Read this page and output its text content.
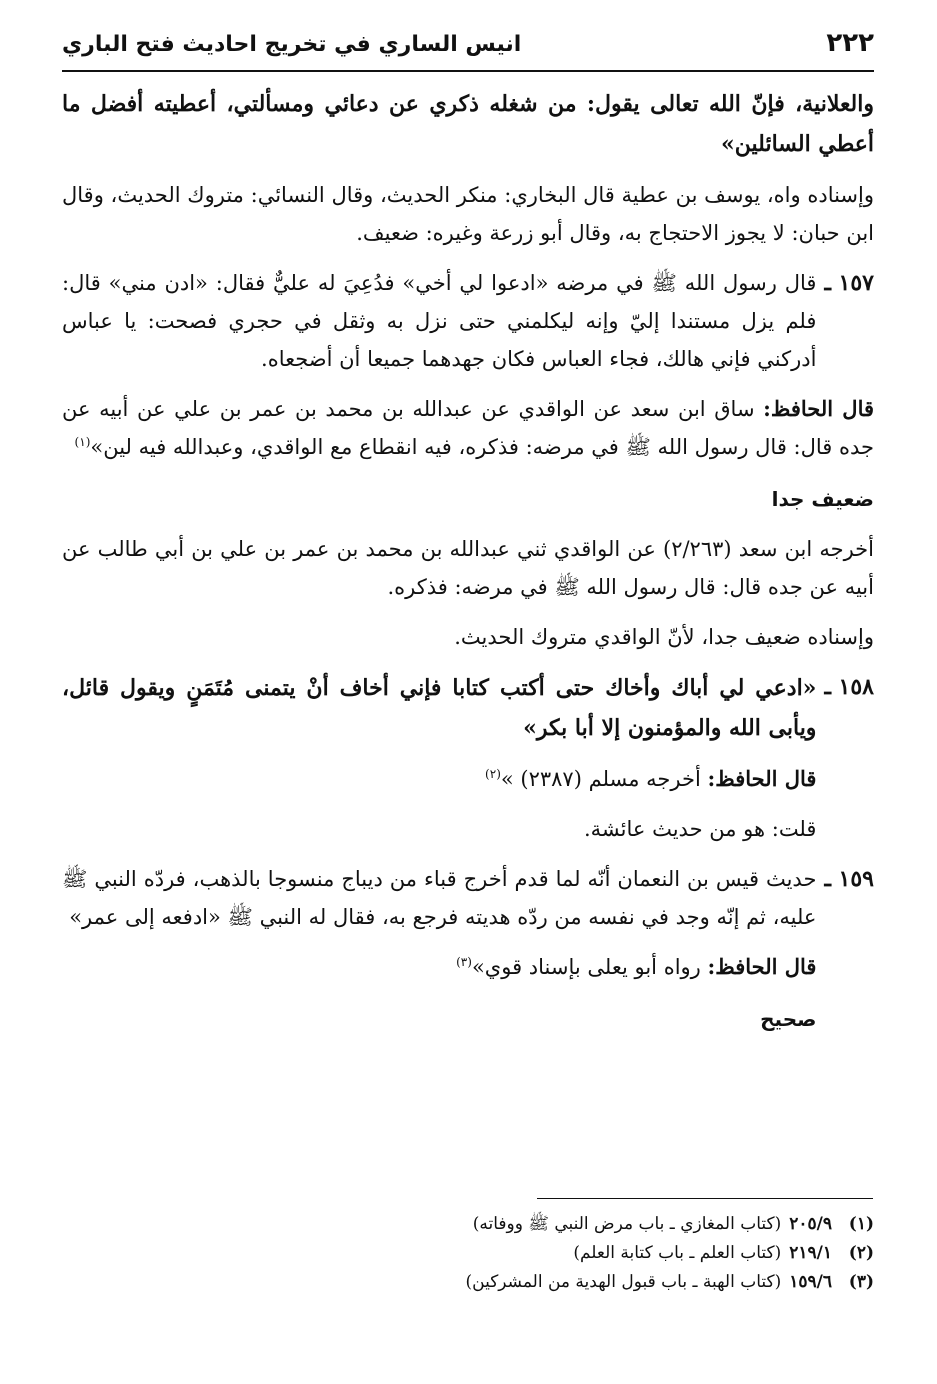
٢٢٢
انيس الساري في تخريج احاديث فتح الباري

والعلانية، فإنّ الله تعالى يقول: من شغله ذكري عن دعائي ومسألتي، أعطيته أفضل ما أعطي السائلين»

وإسناده واه، يوسف بن عطية قال البخاري: منكر الحديث، وقال النسائي: متروك الحديث، وقال ابن حبان: لا يجوز الاحتجاج به، وقال أبو زرعة وغيره: ضعيف.

١٥٧ ـ

قال رسول الله ﷺ في مرضه «ادعوا لي أخي» فدُعِيَ له عليٌّ فقال: «ادن مني» قال: فلم يزل مستندا إليّ وإنه ليكلمني حتى نزل به وثقل في حجري فصحت: يا عباس أدركني فإني هالك، فجاء العباس فكان جهدهما جميعا أن أضجعاه.

قال الحافظ: ساق ابن سعد عن الواقدي عن عبدالله بن محمد بن عمر بن علي عن أبيه عن جده قال: قال رسول الله ﷺ في مرضه: فذكره، فيه انقطاع مع الواقدي، وعبدالله فيه لين»$^{(١)}$

ضعيف جدا

أخرجه ابن سعد (٢/٢٦٣) عن الواقدي ثني عبدالله بن محمد بن عمر بن علي بن أبي طالب عن أبيه عن جده قال: قال رسول الله ﷺ في مرضه: فذكره.

وإسناده ضعيف جدا، لأنّ الواقدي متروك الحديث.

١٥٨ ـ

«ادعي لي أباك وأخاك حتى أكتب كتابا فإني أخاف أنْ يتمنى مُتَمَنٍ ويقول قائل، ويأبى الله والمؤمنون إلا أبا بكر»

قال الحافظ: أخرجه مسلم (٢٣٨٧) »$^{(٢)}$

قلت: هو من حديث عائشة.

١٥٩ ـ

حديث قيس بن النعمان أنّه لما قدم أخرج قباء من ديباج منسوجا بالذهب، فردّه النبي ﷺ عليه، ثم إنّه وجد في نفسه من ردّه هديته فرجع به، فقال له النبي ﷺ «ادفعه إلى عمر»

قال الحافظ: رواه أبو يعلى بإسناد قوي»$^{(٣)}$

صحيح
(١)
٢٠٥/٩
(كتاب المغازي ـ باب مرض النبي ﷺ ووفاته)
(٢)
٢١٩/١
(كتاب العلم ـ باب كتابة العلم)
(٣)
١٥٩/٦
(كتاب الهبة ـ باب قبول الهدية من المشركين)
